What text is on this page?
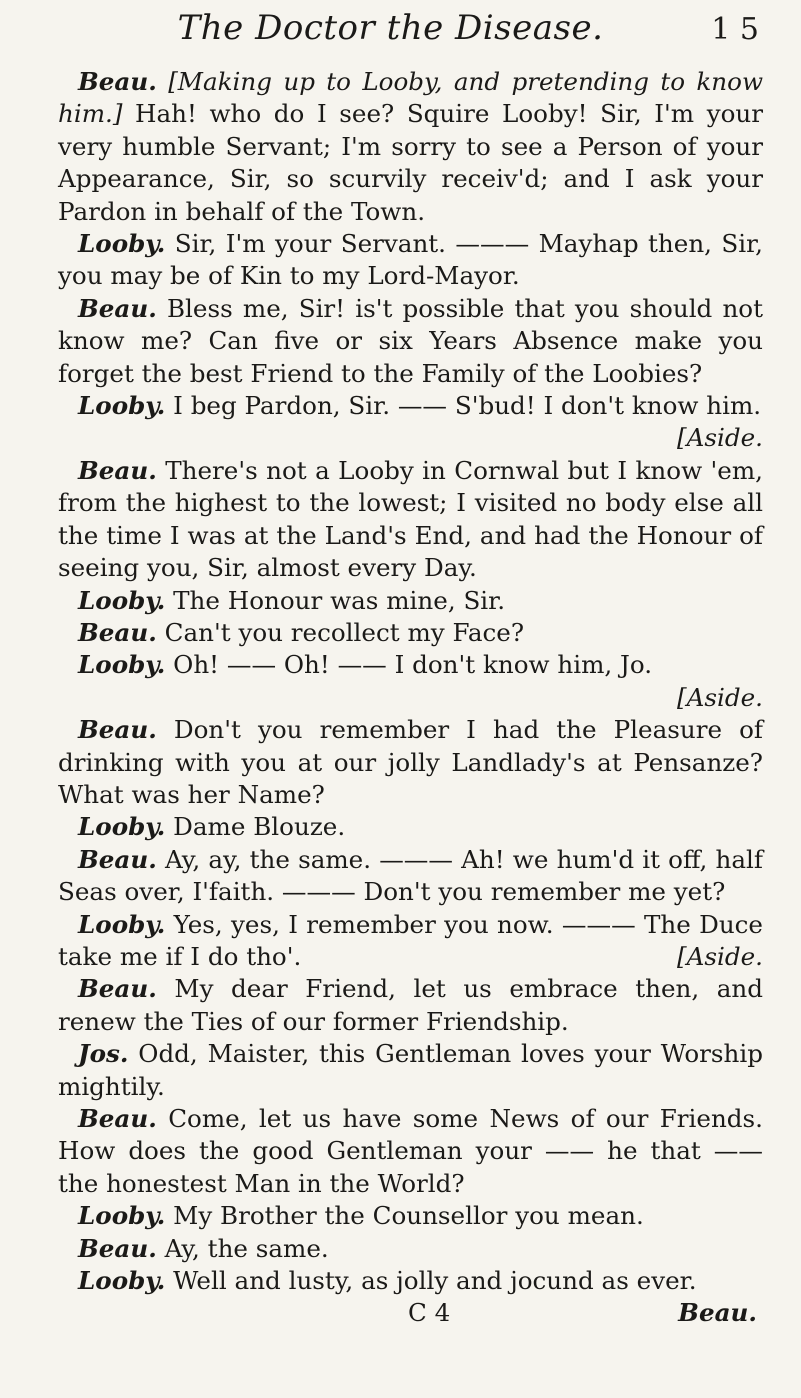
The Doctor the Disease.	1 5

Beau. [Making up to Looby, and pretending to know him.] Hah! who do I see? Squire Looby! Sir, I'm your very humble Servant; I'm sorry to see a Person of your Appearance, Sir, so scurvily receiv'd; and I ask your Pardon in behalf of the Town.

Looby. Sir, I'm your Servant. ——— Mayhap then, Sir, you may be of Kin to my Lord-Mayor.

Beau. Bless me, Sir! is't possible that you should not know me? Can five or six Years Absence make you forget the best Friend to the Family of the Loobies?

Looby. I beg Pardon, Sir. —— S'bud! I don't know him.
[Aside.

Beau. There's not a Looby in Cornwal but I know 'em, from the highest to the lowest; I visited no body else all the time I was at the Land's End, and had the Honour of seeing you, Sir, almost every Day.

Looby. The Honour was mine, Sir.

Beau. Can't you recollect my Face?

Looby. Oh! —— Oh! —— I don't know him, Jo.
[Aside.

Beau. Don't you remember I had the Pleasure of drinking with you at our jolly Landlady's at Pensanze? What was her Name?

Looby. Dame Blouze.

Beau. Ay, ay, the same. ——— Ah! we hum'd it off, half Seas over, I'faith. ——— Don't you remember me yet?

Looby. Yes, yes, I remember you now. ——— The Duce take me if I do tho'.	[Aside.

Beau. My dear Friend, let us embrace then, and renew the Ties of our former Friendship.

Jos. Odd, Maister, this Gentleman loves your Worship mightily.

Beau. Come, let us have some News of our Friends. How does the good Gentleman your —— he that —— the honestest Man in the World?

Looby. My Brother the Counsellor you mean.

Beau. Ay, the same.

Looby. Well and lusty, as jolly and jocund as ever.

C 4	Beau.
